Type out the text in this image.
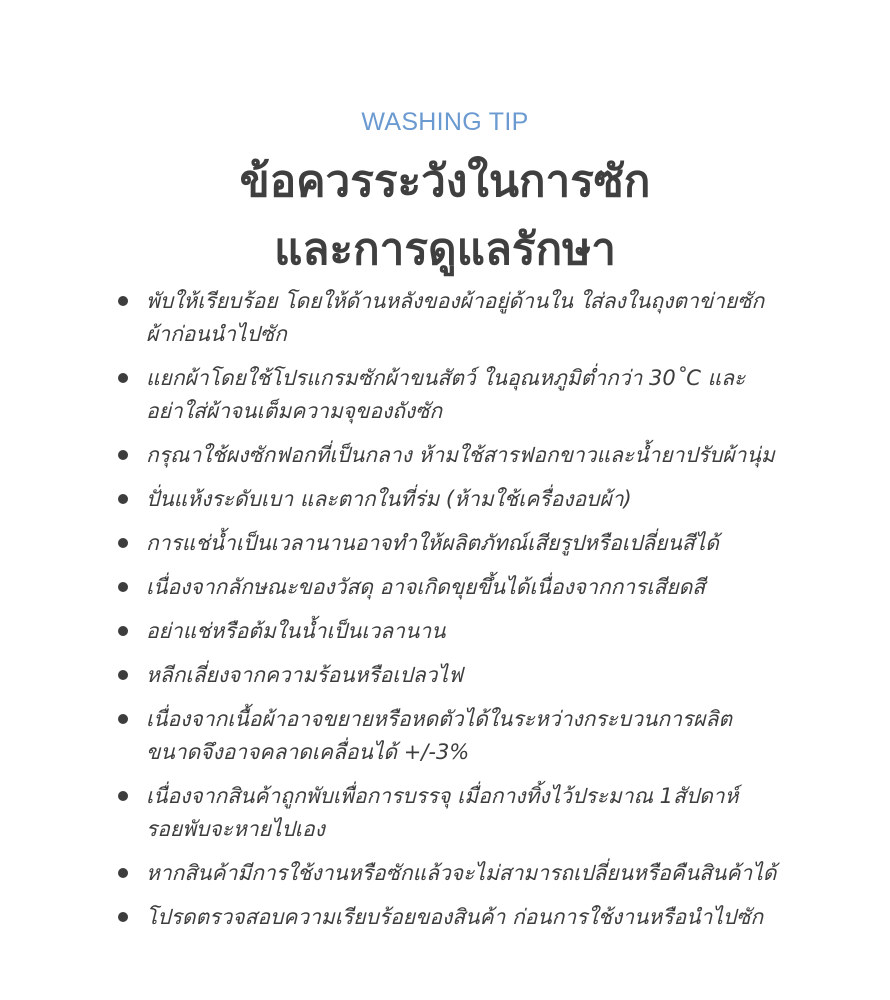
WASHING TIP
ข้อควรระวังในการซัก
และการดูแลรักษา
พับให้เรียบร้อย โดยให้ด้านหลังของผ้าอยู่ด้านใน ใส่ลงในถุงตาข่ายซัก
ผ้าก่อนนำไปซัก
แยกผ้าโดยใช้โปรแกรมซักผ้าขนสัตว์ ในอุณหภูมิต่ำกว่า 30˚C และ
อย่าใส่ผ้าจนเต็มความจุของถังซัก
กรุณาใช้ผงซักฟอกที่เป็นกลาง ห้ามใช้สารฟอกขาวและน้ำยาปรับผ้านุ่ม
ปั่นแห้งระดับเบา และตากในที่ร่ม (ห้ามใช้เครื่องอบผ้า)
การแช่น้ำเป็นเวลานานอาจทำให้ผลิตภัทณ์เสียรูปหรือเปลี่ยนสีได้
เนื่องจากลักษณะของวัสดุ อาจเกิดขุยขึ้นได้เนื่องจากการเสียดสี
อย่าแช่หรือต้มในน้ำเป็นเวลานาน
หลีกเลี่ยงจากความร้อนหรือเปลวไฟ
เนื่องจากเนื้อผ้าอาจขยายหรือหดตัวได้ในระหว่างกระบวนการผลิต
ขนาดจึงอาจคลาดเคลื่อนได้ +/-3%
เนื่องจากสินค้าถูกพับเพื่อการบรรจุ เมื่อกางทิ้งไว้ประมาณ 1สัปดาห์
รอยพับจะหายไปเอง
หากสินค้ามีการใช้งานหรือซักแล้วจะไม่สามารถเปลี่ยนหรือคืนสินค้าได้
โปรดตรวจสอบความเรียบร้อยของสินค้า ก่อนการใช้งานหรือนำไปซัก
